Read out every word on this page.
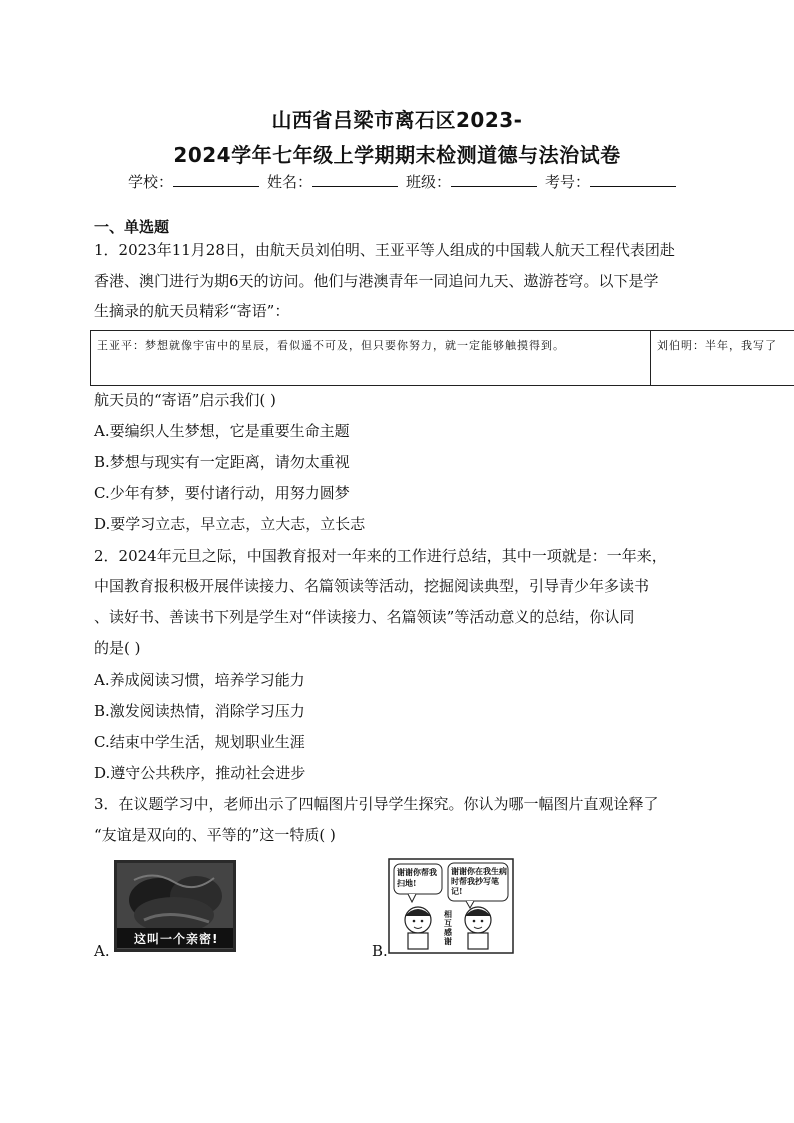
山西省吕梁市离石区2023-
2024学年七年级上学期期末检测道德与法治试卷
学校：	姓名：	班级：	考号：
一、单选题
1．2023年11月28日，由航天员刘伯明、王亚平等人组成的中国载人航天工程代表团赴
香港、澳门进行为期6天的访问。他们与港澳青年一同追问九天、遨游苍穹。以下是学
生摘录的航天员精彩“寄语”：
王亚平：梦想就像宇宙中的星辰，看似遥不可及，但只要你努力，就一定能够触摸得到。	刘伯明：半年，我写了
航天员的“寄语”启示我们( )
A.要编织人生梦想，它是重要生命主题
B.梦想与现实有一定距离，请勿太重视
C.少年有梦，要付诸行动，用努力圆梦
D.要学习立志，早立志，立大志，立长志
2．2024年元旦之际，中国教育报对一年来的工作进行总结，其中一项就是：一年来，
中国教育报积极开展伴读接力、名篇领读等活动，挖掘阅读典型，引导青少年多读书
、读好书、善读书下列是学生对“伴读接力、名篇领读”等活动意义的总结，你认同
的是( )
A.养成阅读习惯，培养学习能力
B.激发阅读热情，消除学习压力
C.结束中学生活，规划职业生涯
D.遵守公共秩序，推动社会进步
3．在议题学习中，老师出示了四幅图片引导学生探究。你认为哪一幅图片直观诠释了
“友谊是双向的、平等的”这一特质( )
A.
这叫一个亲密!
B.
谢谢你帮我扫地!
谢谢你在我生病时帮我抄写笔记!
相互感谢
